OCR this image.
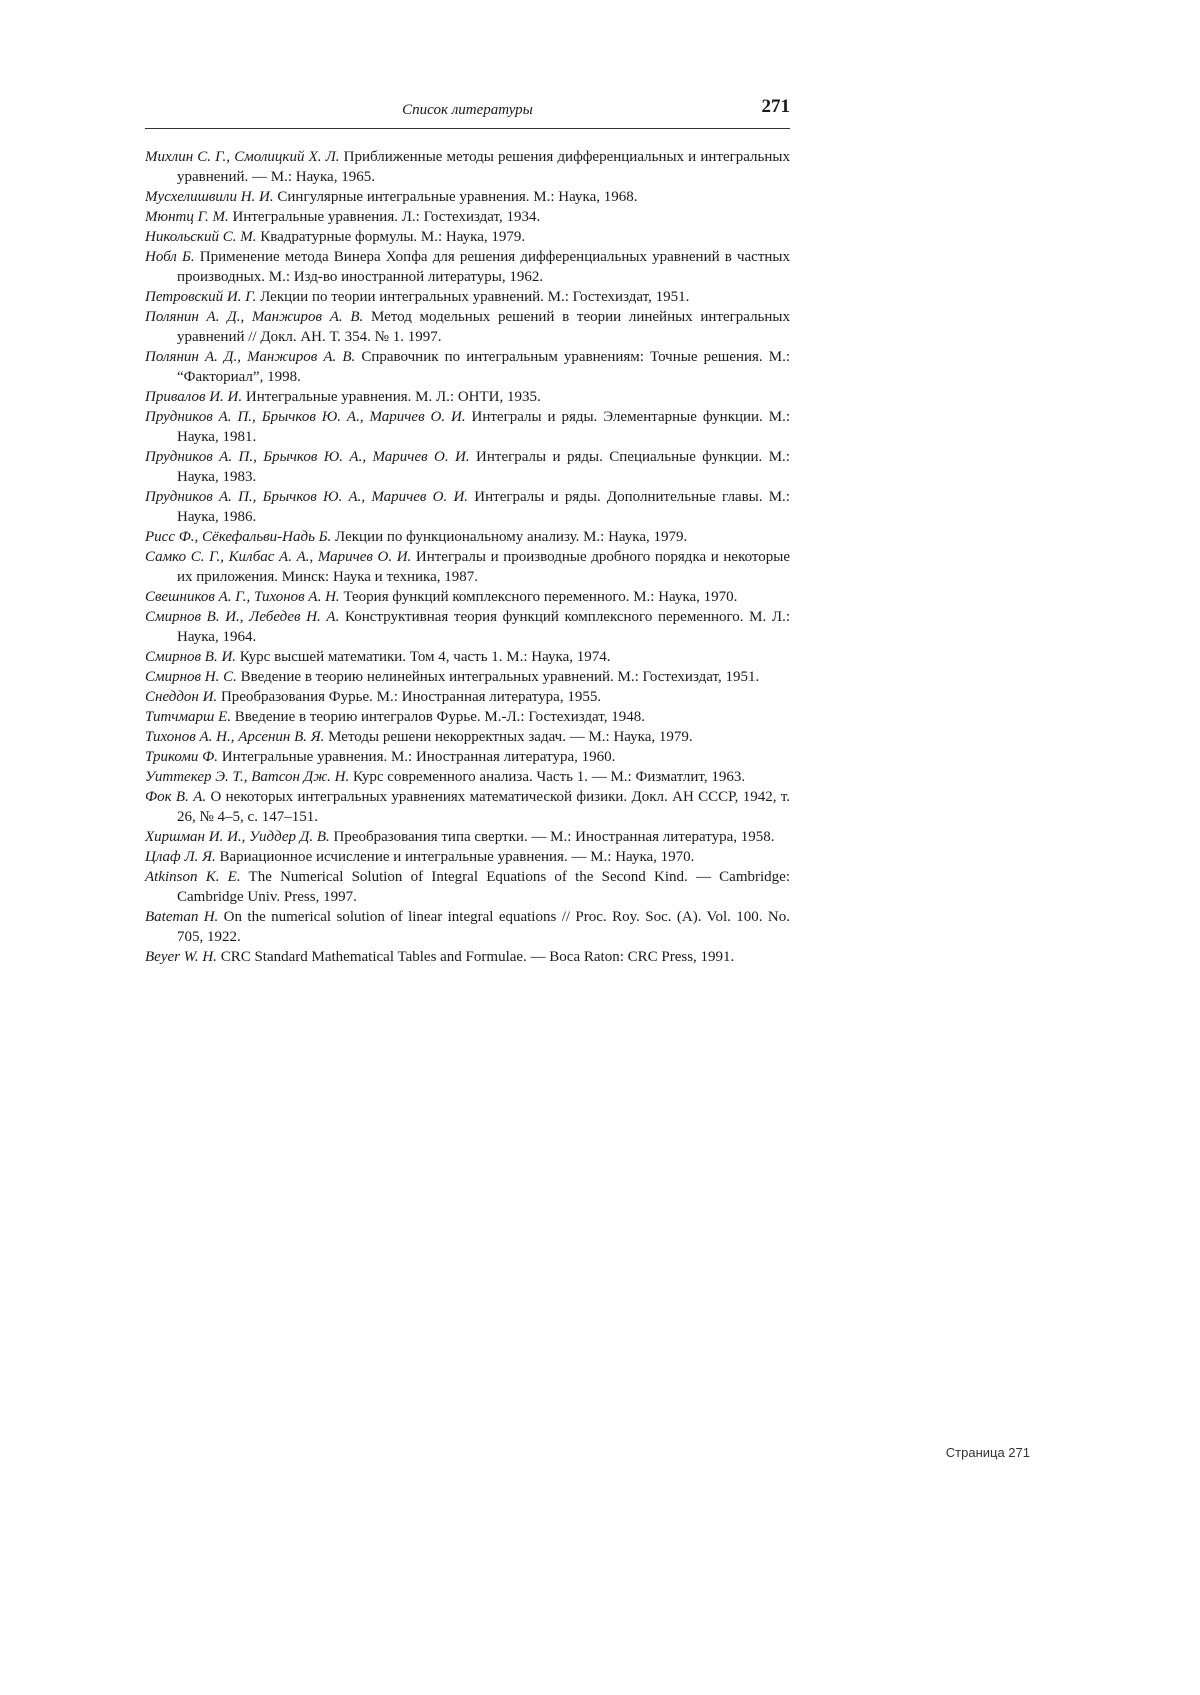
Список литературы	271
Михлин С. Г., Смолицкий Х. Л. Приближенные методы решения дифференциальных и интегральных уравнений. — М.: Наука, 1965.
Мусхелишвили Н. И. Сингулярные интегральные уравнения. М.: Наука, 1968.
Мюнтц Г. М. Интегральные уравнения. Л.: Гостехиздат, 1934.
Никольский С. М. Квадратурные формулы. М.: Наука, 1979.
Нобл Б. Применение метода Винера Хопфа для решения дифференциальных уравнений в частных производных. М.: Изд-во иностранной литературы, 1962.
Петровский И. Г. Лекции по теории интегральных уравнений. М.: Гостехиздат, 1951.
Полянин А. Д., Манжиров А. В. Метод модельных решений в теории линейных интегральных уравнений // Докл. АН. Т. 354. № 1. 1997.
Полянин А. Д., Манжиров А. В. Справочник по интегральным уравнениям: Точные решения. М.: “Факториал”, 1998.
Привалов И. И. Интегральные уравнения. М. Л.: ОНТИ, 1935.
Прудников А. П., Брычков Ю. А., Маричев О. И. Интегралы и ряды. Элементарные функции. М.: Наука, 1981.
Прудников А. П., Брычков Ю. А., Маричев О. И. Интегралы и ряды. Специальные функции. М.: Наука, 1983.
Прудников А. П., Брычков Ю. А., Маричев О. И. Интегралы и ряды. Дополнительные главы. М.: Наука, 1986.
Рисс Ф., Сёкефальви-Надь Б. Лекции по функциональному анализу. М.: Наука, 1979.
Самко С. Г., Килбас А. А., Маричев О. И. Интегралы и производные дробного порядка и некоторые их приложения. Минск: Наука и техника, 1987.
Свешников А. Г., Тихонов А. Н. Теория функций комплексного переменного. М.: Наука, 1970.
Смирнов В. И., Лебедев Н. А. Конструктивная теория функций комплексного переменного. М. Л.: Наука, 1964.
Смирнов В. И. Курс высшей математики. Том 4, часть 1. М.: Наука, 1974.
Смирнов Н. С. Введение в теорию нелинейных интегральных уравнений. М.: Гостехиздат, 1951.
Снеддон И. Преобразования Фурье. М.: Иностранная литература, 1955.
Титчмарш Е. Введение в теорию интегралов Фурье. М.-Л.: Гостехиздат, 1948.
Тихонов А. Н., Арсенин В. Я. Методы решени некорректных задач. — М.: Наука, 1979.
Трикоми Ф. Интегральные уравнения. М.: Иностранная литература, 1960.
Уиттекер Э. Т., Ватсон Дж. Н. Курс современного анализа. Часть 1. — М.: Физматлит, 1963.
Фок В. А. О некоторых интегральных уравнениях математической физики. Докл. АН СССР, 1942, т. 26, № 4–5, с. 147–151.
Хиршман И. И., Уиддер Д. В. Преобразования типа свертки. — М.: Иностранная литература, 1958.
Цлаф Л. Я. Вариационное исчисление и интегральные уравнения. — М.: Наука, 1970.
Atkinson K. E. The Numerical Solution of Integral Equations of the Second Kind. — Cambridge: Cambridge Univ. Press, 1997.
Bateman H. On the numerical solution of linear integral equations // Proc. Roy. Soc. (A). Vol. 100. No. 705, 1922.
Beyer W. H. CRC Standard Mathematical Tables and Formulae. — Boca Raton: CRC Press, 1991.
Страница 271
